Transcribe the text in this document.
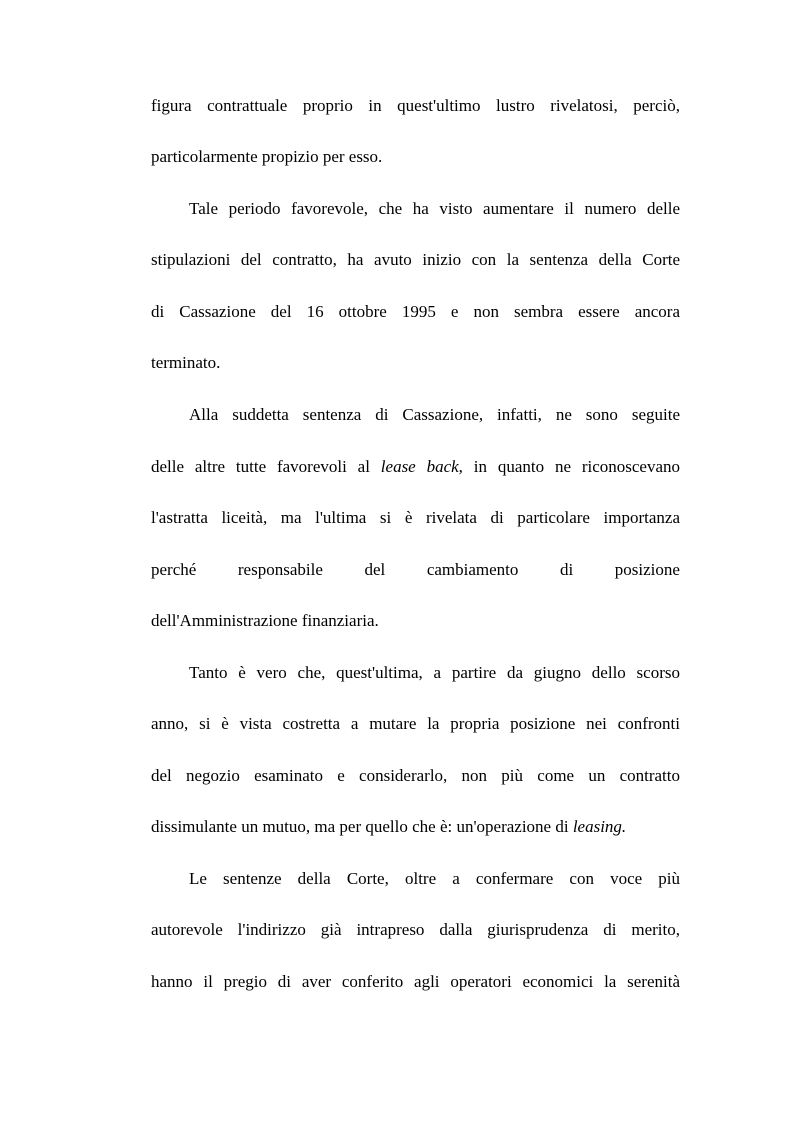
figura contrattuale proprio in quest'ultimo lustro rivelatosi, perciò,
particolarmente propizio per esso.
Tale periodo favorevole, che ha visto aumentare il numero delle
stipulazioni del contratto, ha avuto inizio con la sentenza della Corte
di Cassazione del 16 ottobre 1995 e non sembra essere ancora
terminato.
Alla suddetta sentenza di Cassazione, infatti, ne sono seguite
delle altre tutte favorevoli al lease back, in quanto ne riconoscevano
l'astratta liceità, ma l'ultima si è rivelata di particolare importanza
perché responsabile del cambiamento di posizione
dell'Amministrazione finanziaria.
Tanto è vero che, quest'ultima, a partire da giugno dello scorso
anno, si è vista costretta a mutare la propria posizione nei confronti
del negozio esaminato e considerarlo, non più come un contratto
dissimulante un mutuo, ma per quello che è: un'operazione di leasing.
Le sentenze della Corte, oltre a confermare con voce più
autorevole l'indirizzo già intrapreso dalla giurisprudenza di merito,
hanno il pregio di aver conferito agli operatori economici la serenità
